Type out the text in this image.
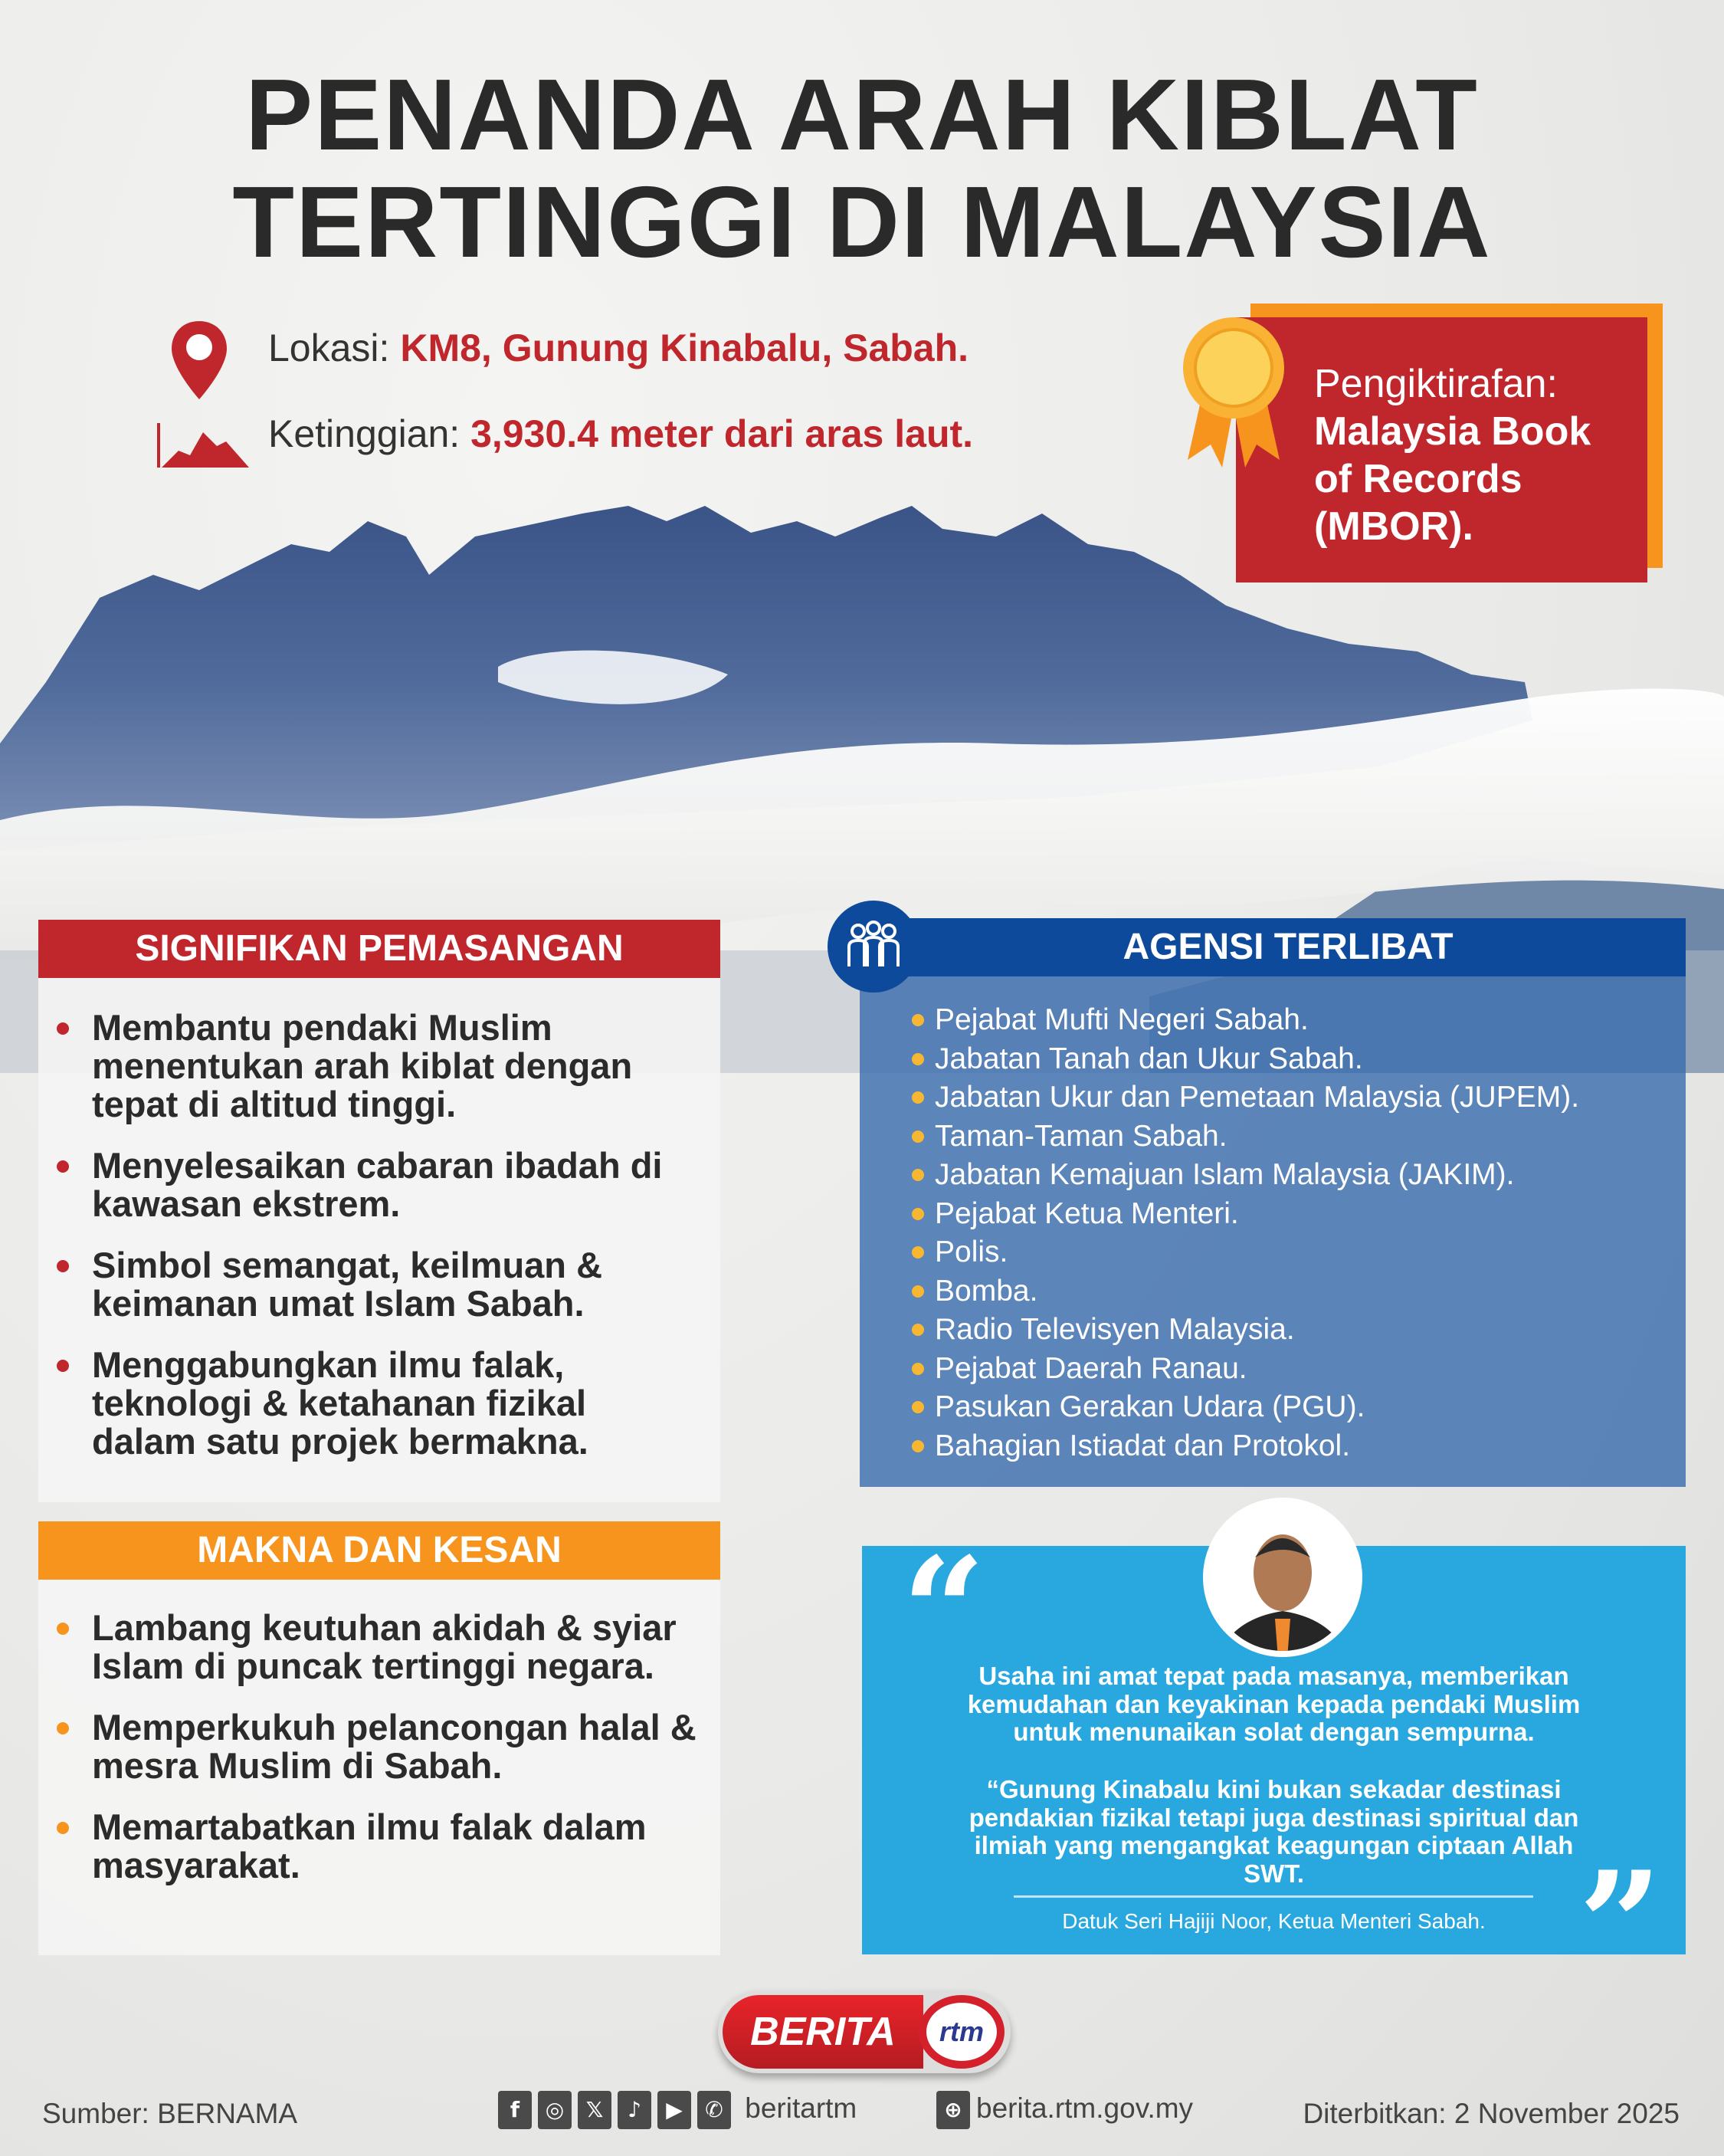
PENANDA ARAH KIBLAT
TERTINGGI DI MALAYSIA
Lokasi: KM8, Gunung Kinabalu, Sabah.
Ketinggian: 3,930.4 meter dari aras laut.
Pengiktirafan:
Malaysia Book
of Records
(MBOR).
SIGNIFIKAN PEMASANGAN
Membantu pendaki Muslim menentukan arah kiblat dengan tepat di altitud tinggi.
Menyelesaikan cabaran ibadah di kawasan ekstrem.
Simbol semangat, keilmuan & keimanan umat Islam Sabah.
Menggabungkan ilmu falak, teknologi & ketahanan fizikal dalam satu projek bermakna.
MAKNA DAN KESAN
Lambang keutuhan akidah & syiar Islam di puncak tertinggi negara.
Memperkukuh pelancongan halal & mesra Muslim di Sabah.
Memartabatkan ilmu falak dalam masyarakat.
AGENSI TERLIBAT
Pejabat Mufti Negeri Sabah.
Jabatan Tanah dan Ukur Sabah.
Jabatan Ukur dan Pemetaan Malaysia (JUPEM).
Taman-Taman Sabah.
Jabatan Kemajuan Islam Malaysia (JAKIM).
Pejabat Ketua Menteri.
Polis.
Bomba.
Radio Televisyen Malaysia.
Pejabat Daerah Ranau.
Pasukan Gerakan Udara (PGU).
Bahagian Istiadat dan Protokol.
“
Usaha ini amat tepat pada masanya, memberikan kemudahan dan keyakinan kepada pendaki Muslim untuk menunaikan solat dengan sempurna.
“Gunung Kinabalu kini bukan sekadar destinasi pendakian fizikal tetapi juga destinasi spiritual dan ilmiah yang mengangkat keagungan ciptaan Allah SWT.
Datuk Seri Hajiji Noor, Ketua Menteri Sabah. ”
BERITA	rtm
Sumber: BERNAMA	f ◎ 𝕏 ♪ ▶ ✆ beritartm	⊕ berita.rtm.gov.my	Diterbitkan: 2 November 2025
